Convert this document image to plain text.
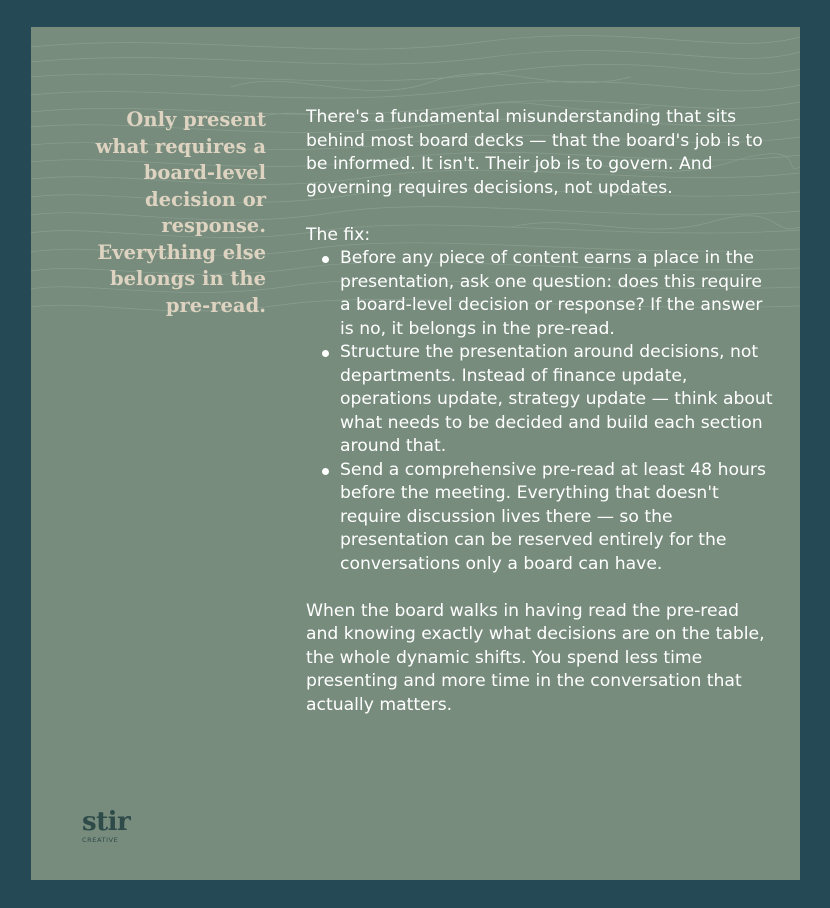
Only present what requires a board-level decision or response. Everything else belongs in the pre-read.

There's a fundamental misunderstanding that sits behind most board decks — that the board's job is to be informed. It isn't. Their job is to govern. And governing requires decisions, not updates.

The fix:

Before any piece of content earns a place in the presentation, ask one question: does this require a board-level decision or response? If the answer is no, it belongs in the pre-read.
Structure the presentation around decisions, not departments. Instead of finance update, operations update, strategy update — think about what needs to be decided and build each section around that.
Send a comprehensive pre-read at least 48 hours before the meeting. Everything that doesn't require discussion lives there — so the presentation can be reserved entirely for the conversations only a board can have.

When the board walks in having read the pre-read and knowing exactly what decisions are on the table, the whole dynamic shifts. You spend less time presenting and more time in the conversation that actually matters.

stir
CREATIVE
